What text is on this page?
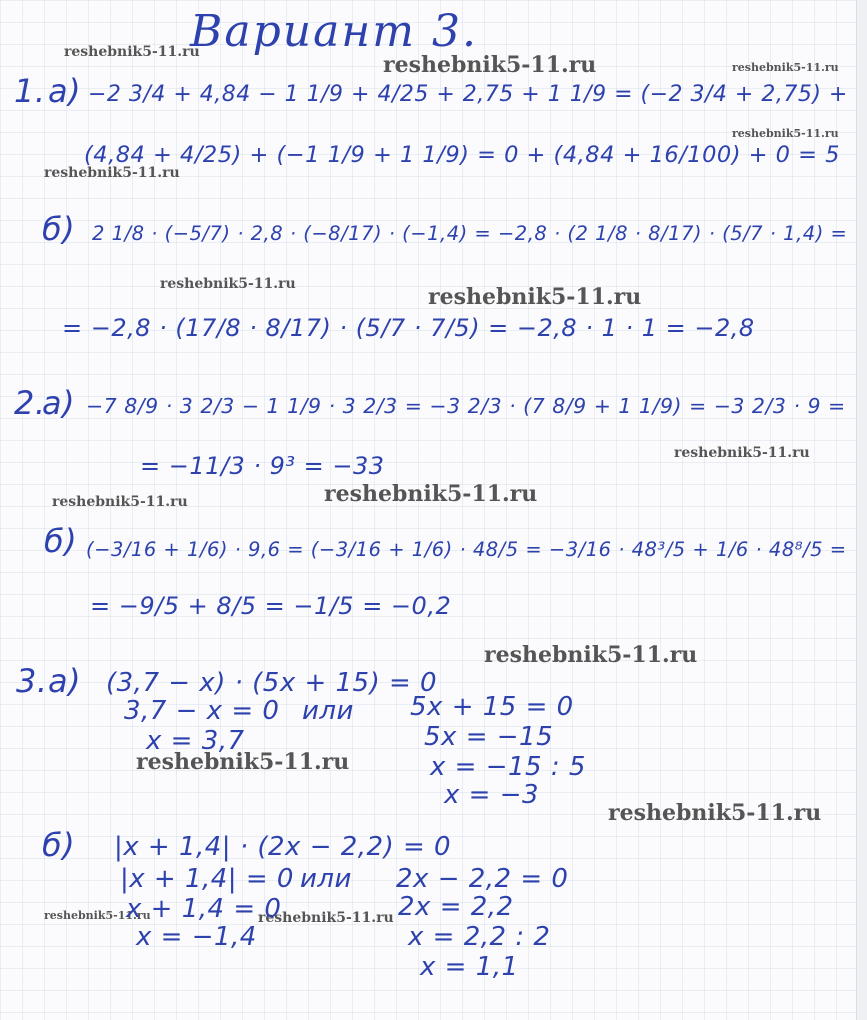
Вариант 3.
reshebnik5-11.ru	reshebnik5-11.ru	reshebnik5-11.ru
reshebnik5-11.ru
reshebnik5-11.ru
reshebnik5-11.ru	reshebnik5-11.ru
reshebnik5-11.ru
reshebnik5-11.ru	reshebnik5-11.ru
reshebnik5-11.ru
reshebnik5-11.ru
reshebnik5-11.ru
reshebnik5-11.ru	reshebnik5-11.ru
1. а) −2 3/4 + 4,84 − 1 1/9 + 4/25 + 2,75 + 1 1/9 = (−2 3/4 + 2,75) +
(4,84 + 4/25) + (−1 1/9 + 1 1/9) = 0 + (4,84 + 16/100) + 0 = 5
б) 2 1/8 · (−5/7) · 2,8 · (−8/17) · (−1,4) = −2,8 · (2 1/8 · 8/17) · (5/7 · 1,4) =
= −2,8 · (17/8 · 8/17) · (5/7 · 7/5) = −2,8 · 1 · 1 = −2,8
2.
а) −7 8/9 · 3 2/3 − 1 1/9 · 3 2/3 = −3 2/3 · (7 8/9 + 1 1/9) = −3 2/3 · 9 =
= −11/3 · 9³ = −33
б) (−3/16 + 1/6) · 9,6 = (−3/16 + 1/6) · 48/5 = −3/16 · 48³/5 + 1/6 · 48⁸/5 =
= −9/5 + 8/5 = −1/5 = −0,2
3. а) (3,7 − x) · (5x + 15) = 0
3,7 − x = 0 или 5x + 15 = 0
x = 3,7	5x = −15
x = −15 : 5
x = −3
б) |x + 1,4| · (2x − 2,2) = 0
|x + 1,4| = 0 или 2x − 2,2 = 0
x + 1,4 = 0	2x = 2,2
x = −1,4	x = 2,2 : 2
x = 1,1
